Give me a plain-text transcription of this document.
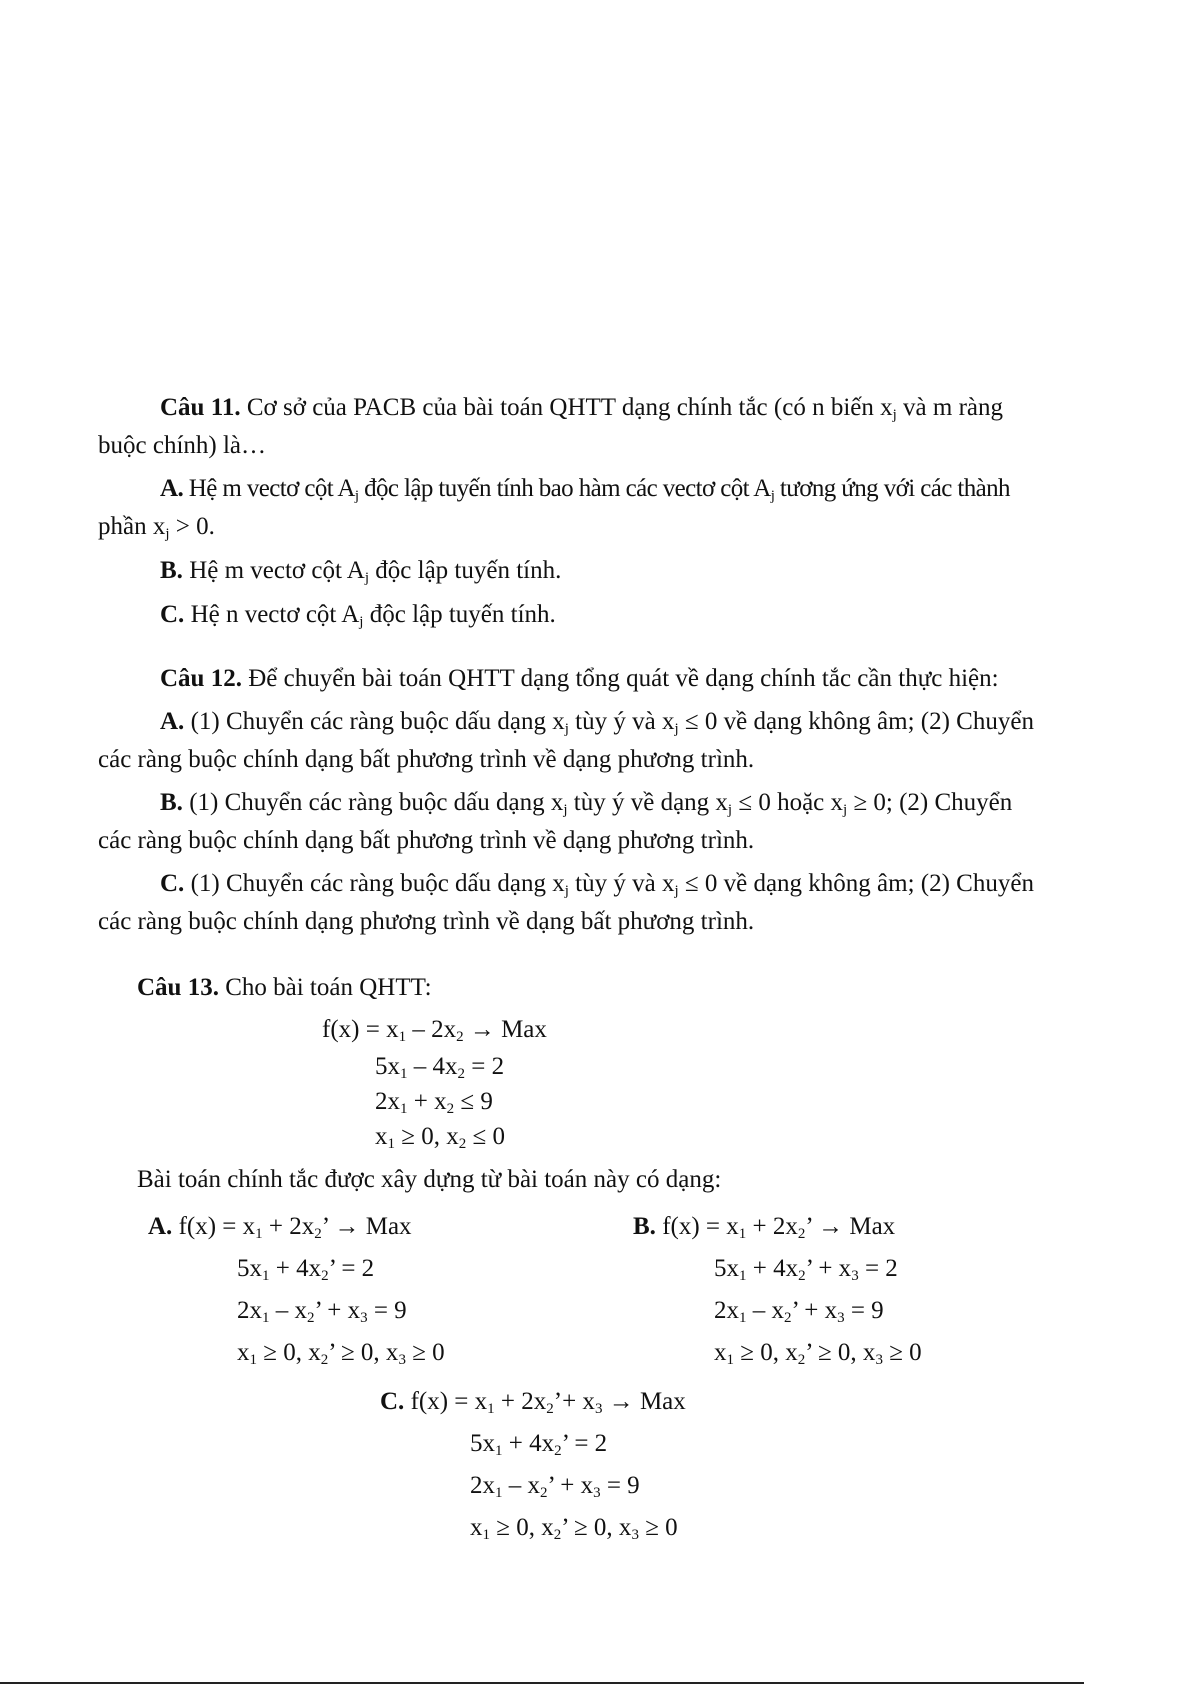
Câu 11. Cơ sở của PACB của bài toán QHTT dạng chính tắc (có n biến $x_j$ và m ràng
buộc chính) là…
A. Hệ m vectơ cột $A_j$ độc lập tuyến tính bao hàm các vectơ cột $A_j$ tương ứng với các thành
phần $x_j > 0$.
B. Hệ m vectơ cột $A_j$ độc lập tuyến tính.
C. Hệ n vectơ cột $A_j$ độc lập tuyến tính.
Câu 12. Để chuyển bài toán QHTT dạng tổng quát về dạng chính tắc cần thực hiện:
A. (1) Chuyển các ràng buộc dấu dạng $x_j$ tùy ý và $x_j \le 0$ về dạng không âm; (2) Chuyển
các ràng buộc chính dạng bất phương trình về dạng phương trình.
B. (1) Chuyển các ràng buộc dấu dạng $x_j$ tùy ý về dạng $x_j \le 0$ hoặc $x_j \ge 0$; (2) Chuyển
các ràng buộc chính dạng bất phương trình về dạng phương trình.
C. (1) Chuyển các ràng buộc dấu dạng $x_j$ tùy ý và $x_j \le 0$ về dạng không âm; (2) Chuyển
các ràng buộc chính dạng phương trình về dạng bất phương trình.
Câu 13. Cho bài toán QHTT:
$f(x) = x_1 - 2x_2$ → Max
$5x_1 - 4x_2 = 2$
$2x_1 + x_2 \le 9$
$x_1 \ge 0$, $x_2 \le 0$
Bài toán chính tắc được xây dựng từ bài toán này có dạng:
A. $f(x) = x_1 + 2x_2$’ → Max
$5x_1 + 4x_2$’ = 2
$2x_1 - x_2$’ + $x_3 = 9$
$x_1 \ge 0$, $x_2$’ ≥ 0, $x_3 \ge 0$
B. $f(x) = x_1 + 2x_2$’ → Max
$5x_1 + 4x_2$’ + $x_3 = 2$
$2x_1 - x_2$’ + $x_3 = 9$
$x_1 \ge 0$, $x_2$’ ≥ 0, $x_3 \ge 0$
C. $f(x) = x_1$ + $2x_2’+ x_3$ → Max
$5x_1 + 4x_2$’ = 2
$2x_1 - x_2$’ + $x_3 = 9$
$x_1 \ge 0$, $x_2$’ ≥ 0, $x_3 \ge 0$
